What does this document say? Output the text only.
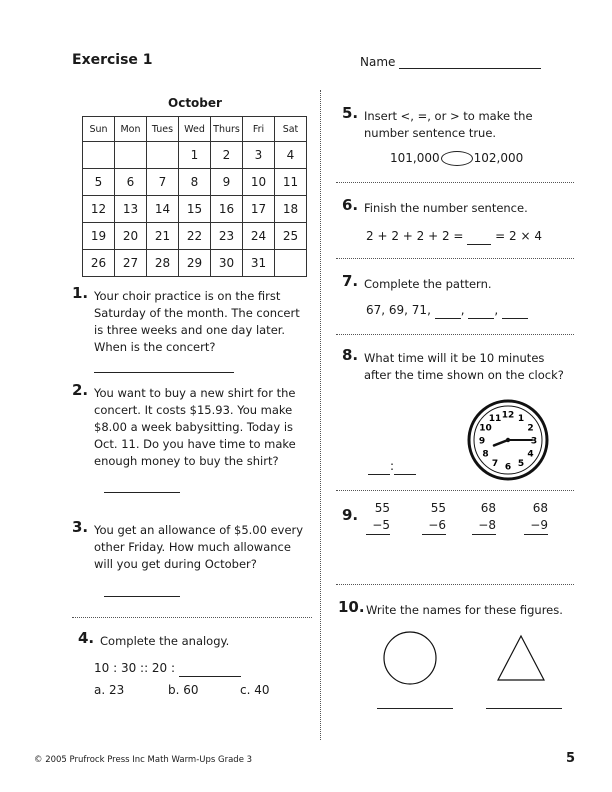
Exercise 1	Name
October
Sun	Mon	Tues	Wed	Thurs	Fri	Sat
			1	2	3	4
5	6	7	8	9	10	11
12	13	14	15	16	17	18
19	20	21	22	23	24	25
26	27	28	29	30	31	
1. Your choir practice is on the first Saturday of the month. The concert is three weeks and one day later. When is the concert?
2. You want to buy a new shirt for the concert. It costs $15.93. You make $8.00 a week babysitting. Today is Oct. 11. Do you have time to make enough money to buy the shirt?
3. You get an allowance of $5.00 every other Friday. How much allowance will you get during October?
4. Complete the analogy.
10 : 30 :: 20 :
a. 23	b. 60	c. 40
5. Insert <, =, or > to make the number sentence true.
101,000	102,000
6. Finish the number sentence.
2 + 2 + 2 + 2 =	= 2 × 4
7. Complete the pattern.
67, 69, 71, , ,
8. What time will it be 10 minutes after the time shown on the clock?
:
12 1
2
3
4
5
6
7
8
9
10
11
9.	55
−5
55
−6
68
−8
68
−9
10. Write the names for these figures.
© 2005 Prufrock Press Inc Math Warm-Ups Grade 3	5
